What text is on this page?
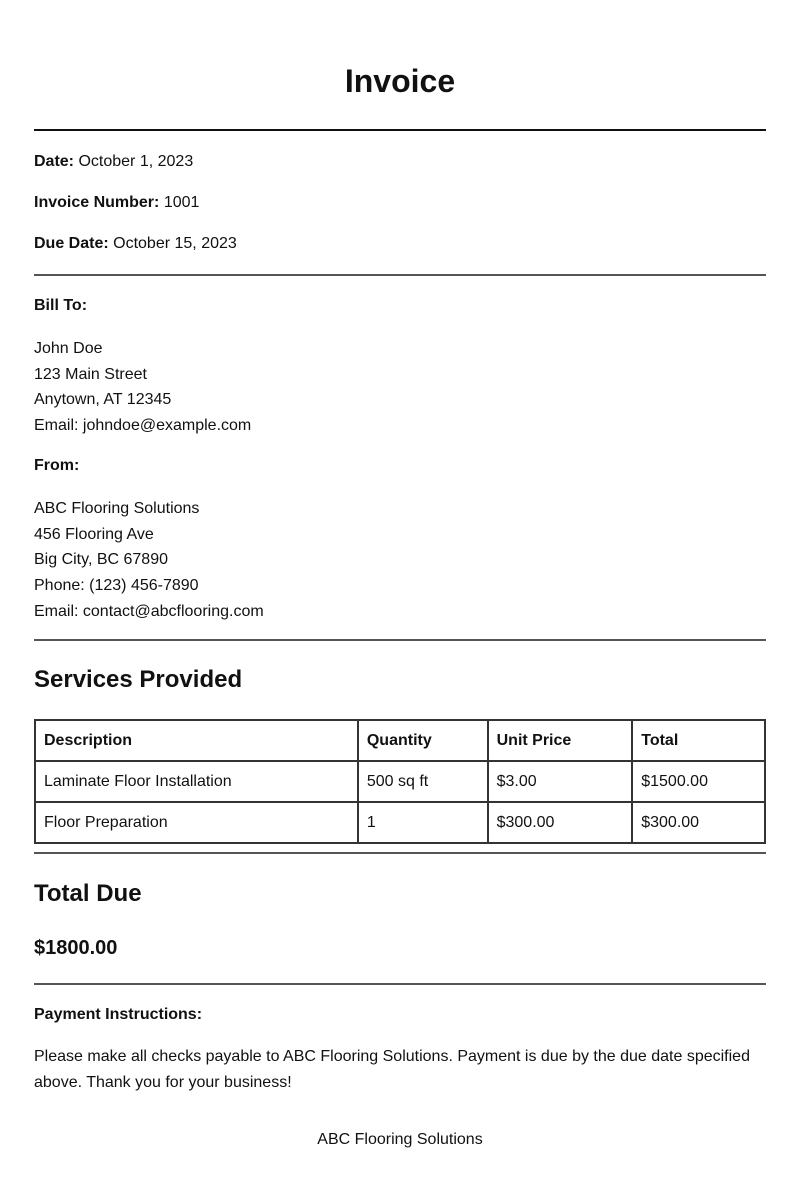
Invoice

Date: October 1, 2023

Invoice Number: 1001

Due Date: October 15, 2023

Bill To:

John Doe

123 Main Street

Anytown, AT 12345

Email: johndoe@example.com

From:

ABC Flooring Solutions

456 Flooring Ave

Big City, BC 67890

Phone: (123) 456-7890

Email: contact@abcflooring.com

Services Provided
Description	Quantity	Unit Price	Total
Laminate Floor Installation	500 sq ft	$3.00	$1500.00
Floor Preparation	1	$300.00	$300.00
Total Due

$1800.00

Payment Instructions:

Please make all checks payable to ABC Flooring Solutions. Payment is due by the due date specified above. Thank you for your business!

ABC Flooring Solutions
